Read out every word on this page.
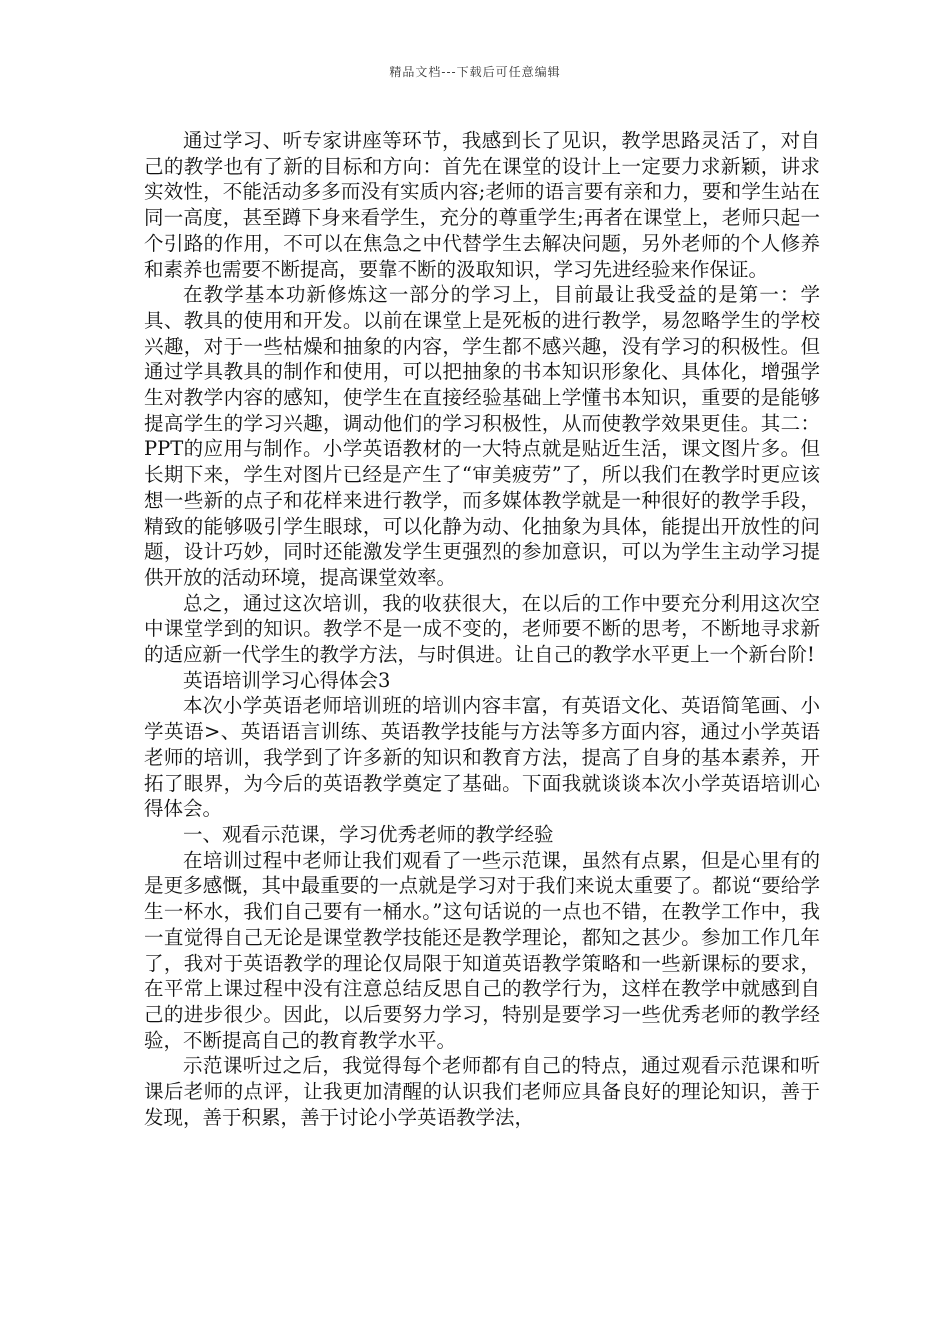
精品文档---下载后可任意编辑

通过学习、听专家讲座等环节，我感到长了见识，教学思路灵活了，对自己的教学也有了新的目标和方向：首先在课堂的设计上一定要力求新颖，讲求实效性，不能活动多多而没有实质内容;老师的语言要有亲和力，要和学生站在同一高度，甚至蹲下身来看学生，充分的尊重学生;再者在课堂上，老师只起一个引路的作用，不可以在焦急之中代替学生去解决问题，另外老师的个人修养和素养也需要不断提高，要靠不断的汲取知识，学习先进经验来作保证。

在教学基本功新修炼这一部分的学习上，目前最让我受益的是第一：学具、教具的使用和开发。以前在课堂上是死板的进行教学，易忽略学生的学校兴趣，对于一些枯燥和抽象的内容，学生都不感兴趣，没有学习的积极性。但通过学具教具的制作和使用，可以把抽象的书本知识形象化、具体化，增强学生对教学内容的感知，使学生在直接经验基础上学懂书本知识，重要的是能够提高学生的学习兴趣，调动他们的学习积极性，从而使教学效果更佳。其二：PPT的应用与制作。小学英语教材的一大特点就是贴近生活，课文图片多。但长期下来，学生对图片已经是产生了“审美疲劳”了，所以我们在教学时更应该想一些新的点子和花样来进行教学，而多媒体教学就是一种很好的教学手段，精致的能够吸引学生眼球，可以化静为动、化抽象为具体，能提出开放性的问题，设计巧妙，同时还能激发学生更强烈的参加意识，可以为学生主动学习提供开放的活动环境，提高课堂效率。

总之，通过这次培训，我的收获很大，在以后的工作中要充分利用这次空中课堂学到的知识。教学不是一成不变的，老师要不断的思考，不断地寻求新的适应新一代学生的教学方法，与时俱进。让自己的教学水平更上一个新台阶!

英语培训学习心得体会3

本次小学英语老师培训班的培训内容丰富，有英语文化、英语简笔画、小学英语>、英语语言训练、英语教学技能与方法等多方面内容，通过小学英语老师的培训，我学到了许多新的知识和教育方法，提高了自身的基本素养，开拓了眼界，为今后的英语教学奠定了基础。下面我就谈谈本次小学英语培训心得体会。

一、观看示范课，学习优秀老师的教学经验

在培训过程中老师让我们观看了一些示范课，虽然有点累，但是心里有的是更多感慨，其中最重要的一点就是学习对于我们来说太重要了。都说“要给学生一杯水，我们自己要有一桶水。”这句话说的一点也不错，在教学工作中，我一直觉得自己无论是课堂教学技能还是教学理论，都知之甚少。参加工作几年了，我对于英语教学的理论仅局限于知道英语教学策略和一些新课标的要求，在平常上课过程中没有注意总结反思自己的教学行为，这样在教学中就感到自己的进步很少。因此，以后要努力学习，特别是要学习一些优秀老师的教学经验，不断提高自己的教育教学水平。

示范课听过之后，我觉得每个老师都有自己的特点，通过观看示范课和听课后老师的点评，让我更加清醒的认识我们老师应具备良好的理论知识，善于发现，善于积累，善于讨论小学英语教学法，
